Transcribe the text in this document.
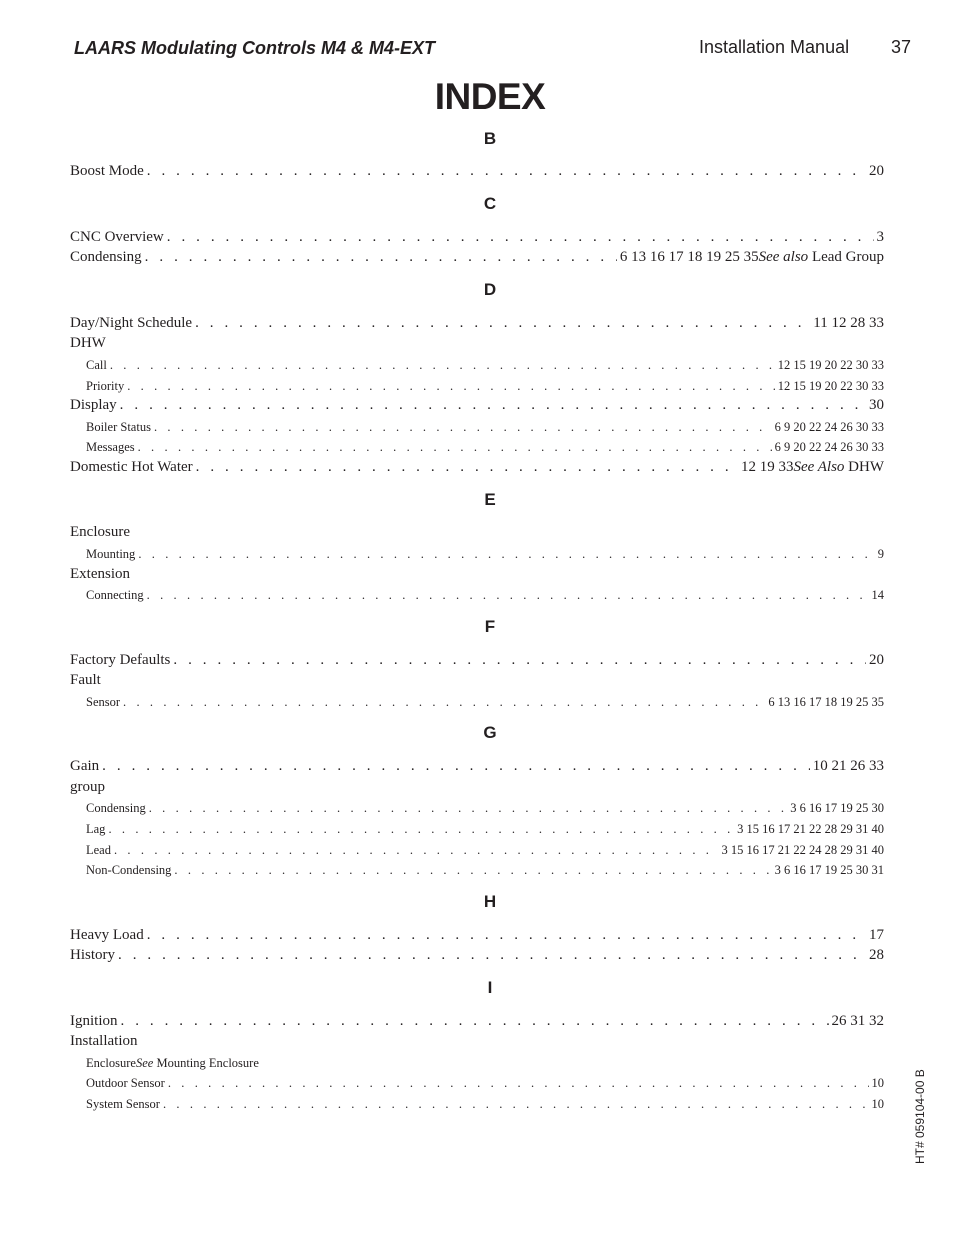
LAARS Modulating Controls M4 & M4-EXT	Installation Manual 37
INDEX
B
Boost Mode . . .	20
C
CNC Overview . . .	3
Condensing . . .	6 13 16 17 18 19 25 35See also Lead Group
D
Day/Night Schedule . . .	11 12 28 33
DHW
Call . . .	12 15 19 20 22 30 33
Priority . . .	12 15 19 20 22 30 33
Display . . .	30
Boiler Status . . .	6 9 20 22 24 26 30 33
Messages . . .	6 9 20 22 24 26 30 33
Domestic Hot Water . . .	12 19 33See Also DHW
E
Enclosure
Mounting . . .	9
Extension
Connecting . . .	14
F
Factory Defaults . . .	20
Fault
Sensor . . .	6 13 16 17 18 19 25 35
G
Gain . . .	10 21 26 33
group
Condensing . . .	3 6 16 17 19 25 30
Lag . . .	3 15 16 17 21 22 28 29 31 40
Lead . . .	3 15 16 17 21 22 24 28 29 31 40
Non-Condensing . . .	3 6 16 17 19 25 30 31
H
Heavy Load . . .	17
History . . .	28
I
Ignition . . .	26 31 32
Installation
EnclosureSee Mounting Enclosure
Outdoor Sensor . . .	10
System Sensor . . .	10 HT# 059104-00 B
